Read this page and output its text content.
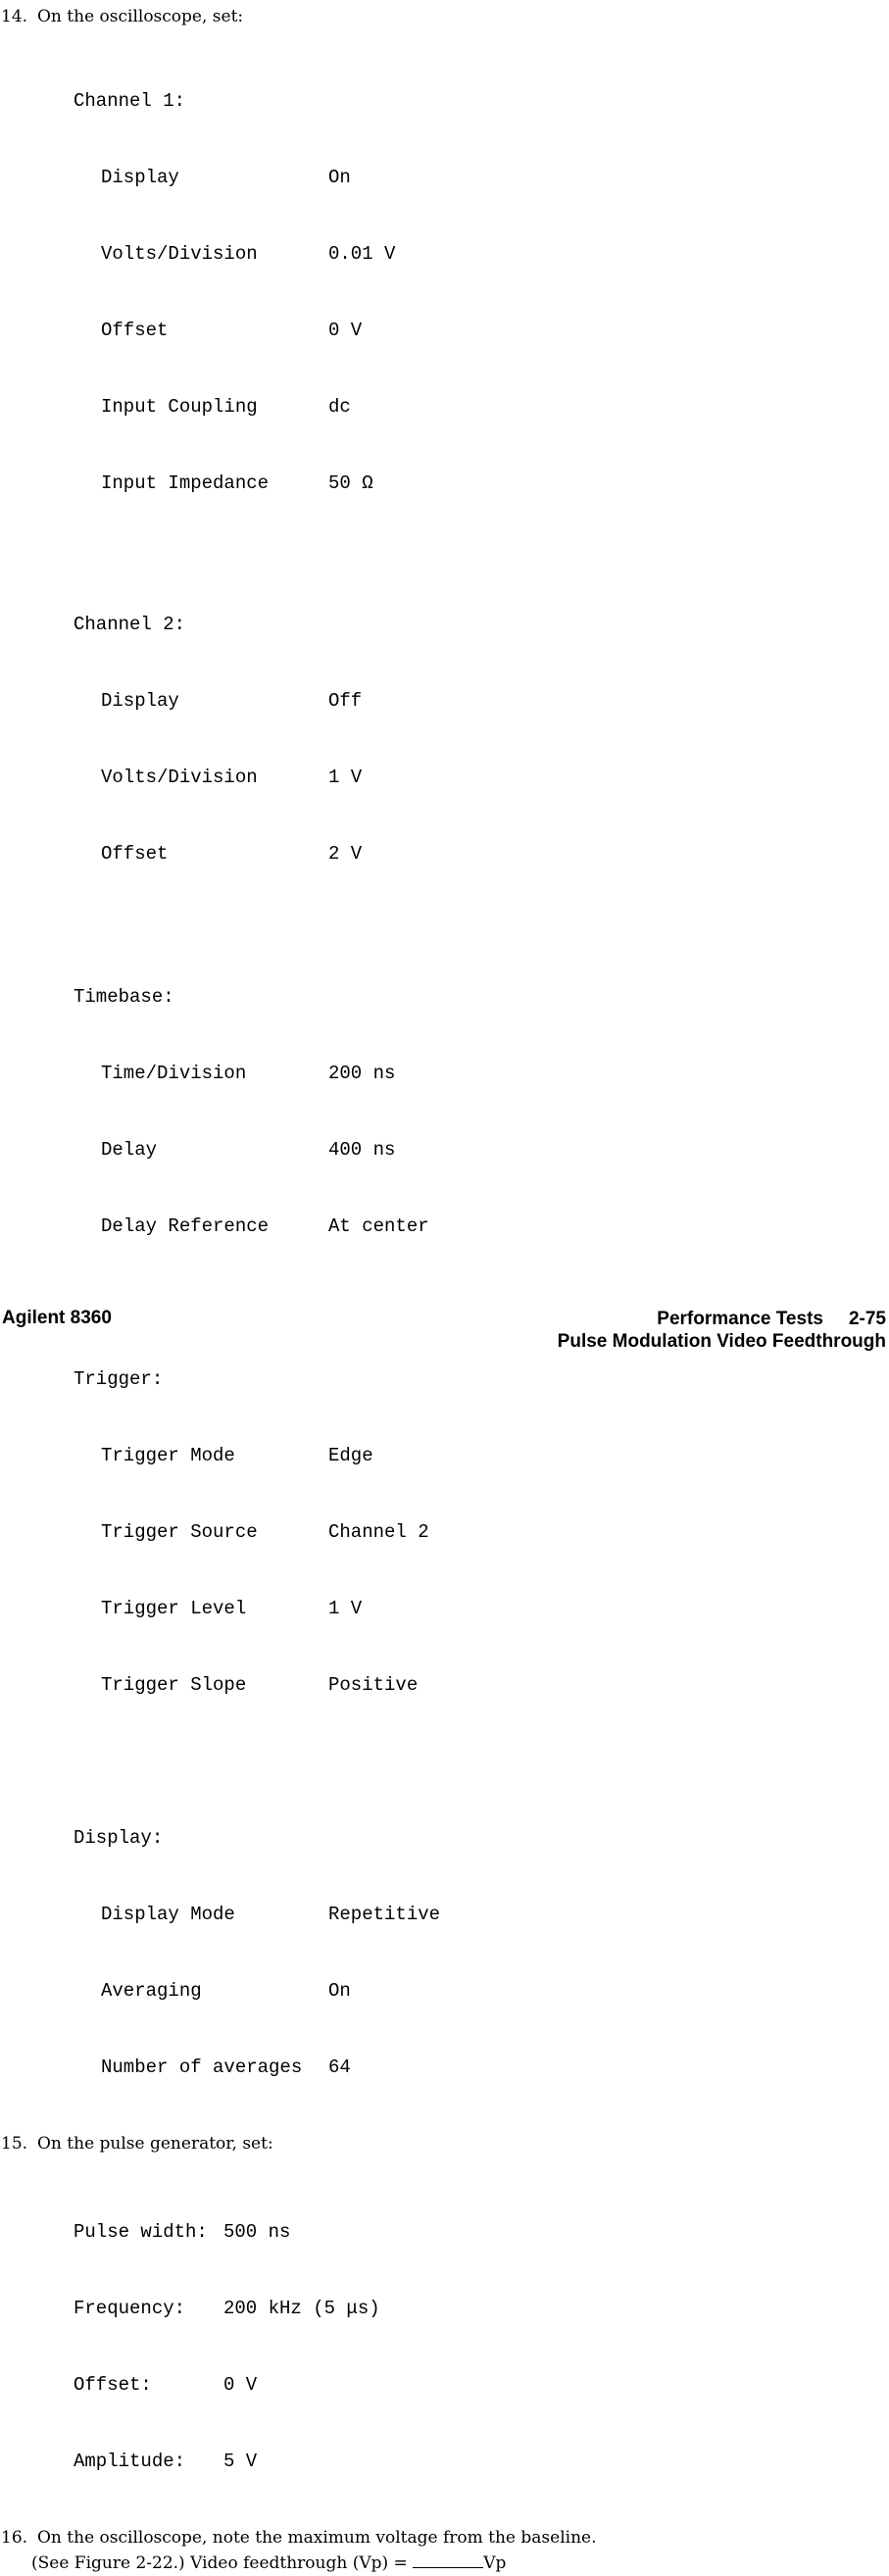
14. On the oscilloscope, set:

Channel 1:

Display	On

Volts/Division	0.01 V

Offset	0 V

Input Coupling	dc

Input Impedance	50 Ω

Channel 2:

Display	Off

Volts/Division	1 V

Offset	2 V

Timebase:

Time/Division	200 ns

Delay	400 ns

Delay Reference	At center

Trigger:

Trigger Mode	Edge

Trigger Source	Channel 2

Trigger Level	1 V

Trigger Slope	Positive

Display:

Display Mode	Repetitive

Averaging	On

Number of averages 64

15. On the pulse generator, set:

Pulse width: 500 ns

Frequency: 200 kHz (5 μs)

Offset:	0 V

Amplitude: 5 V

16. On the oscilloscope, note the maximum voltage from the baseline.
(See Figure 2-22.) Video feedthrough (Vp) =	Vp
Agilent 8360	Performance Tests 2-75
Pulse Modulation Video Feedthrough
